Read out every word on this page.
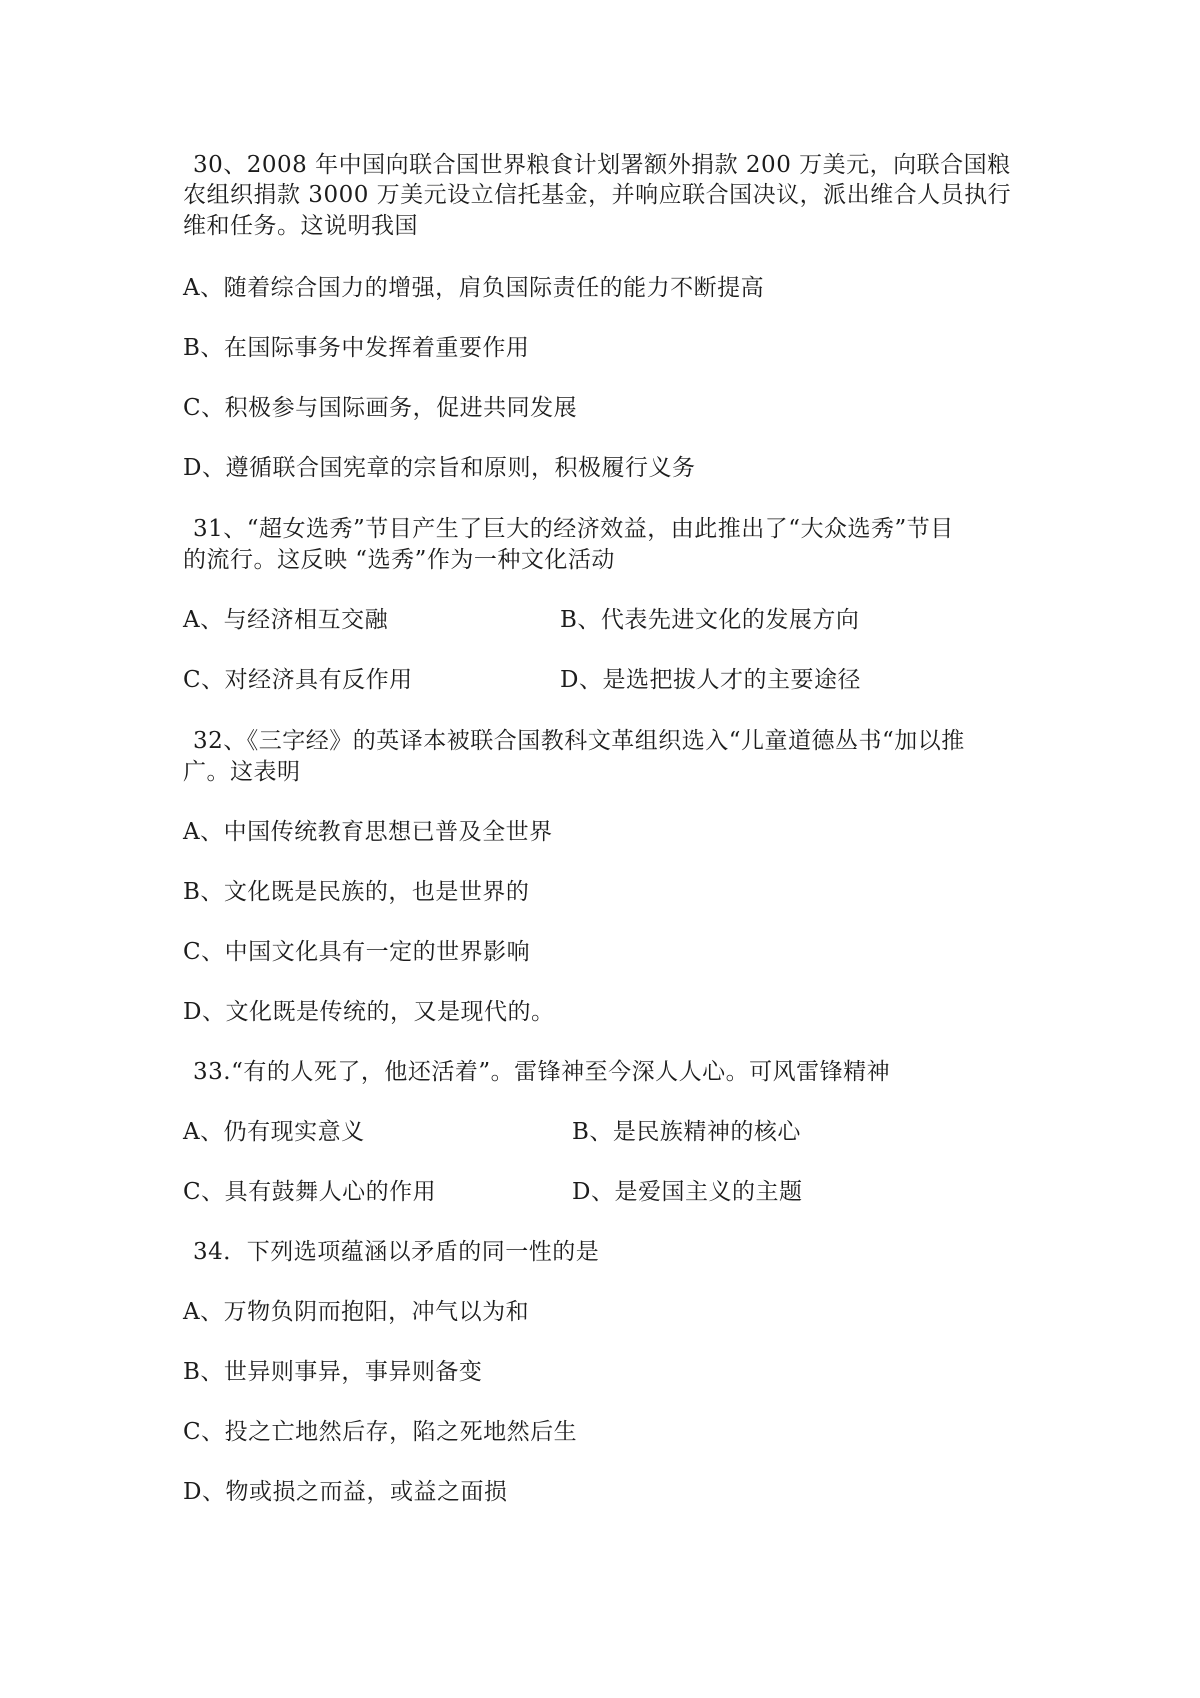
30、2008 年中国向联合国世界粮食计划署额外捐款 200 万美元，向联合国粮
农组织捐款 3000 万美元设立信托基金，并响应联合国决议，派出维合人员执行
维和任务。这说明我国
A、随着综合国力的增强，肩负国际责任的能力不断提高
B、在国际事务中发挥着重要作用
C、积极参与国际画务，促进共同发展
D、遵循联合国宪章的宗旨和原则，积极履行义务
31、“超女选秀”节目产生了巨大的经济效益，由此推出了“大众选秀”节目
的流行。这反映 “选秀”作为一种文化活动
A、与经济相互交融	B、代表先进文化的发展方向
C、对经济具有反作用	D、是选把拔人才的主要途径
32、《三字经》的英译本被联合国教科文革组织选入“儿童道德丛书“加以推
广。这表明
A、中国传统教育思想已普及全世界
B、文化既是民族的，也是世界的
C、中国文化具有一定的世界影响
D、文化既是传统的，又是现代的。
33.“有的人死了，他还活着”。雷锋神至今深人人心。可风雷锋精神
A、仍有现实意义	B、是民族精神的核心
C、具有鼓舞人心的作用	D、是爱国主义的主题
34．下列选项蕴涵以矛盾的同一性的是
A、万物负阴而抱阳，冲气以为和
B、世异则事异，事异则备变
C、投之亡地然后存，陷之死地然后生
D、物或损之而益，或益之面损
